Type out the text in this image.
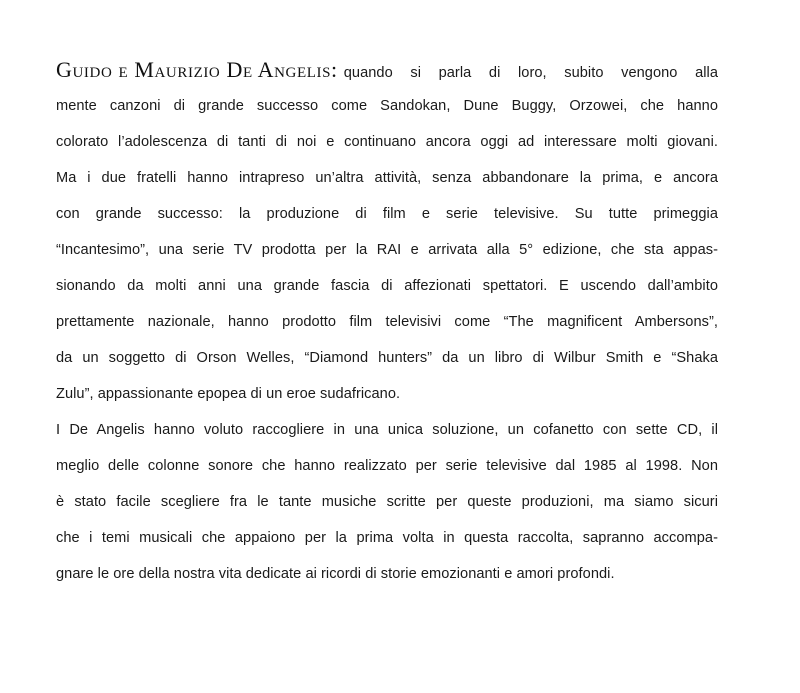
Guido e Maurizio De Angelis: quando si parla di loro, subito vengono alla
mente canzoni di grande successo come Sandokan, Dune Buggy, Orzowei, che hanno
colorato l’adolescenza di tanti di noi e continuano ancora oggi ad interessare molti giovani.
Ma i due fratelli hanno intrapreso un’altra attività, senza abbandonare la prima, e ancora
con grande successo: la produzione di film e serie televisive. Su tutte primeggia
“Incantesimo”, una serie TV prodotta per la RAI e arrivata alla 5° edizione, che sta appas-
sionando da molti anni una grande fascia di affezionati spettatori. E uscendo dall’ambito
prettamente nazionale, hanno prodotto film televisivi come “The magnificent Ambersons”,
da un soggetto di Orson Welles, “Diamond hunters” da un libro di Wilbur Smith e “Shaka
Zulu”, appassionante epopea di un eroe sudafricano.
I De Angelis hanno voluto raccogliere in una unica soluzione, un cofanetto con sette CD, il
meglio delle colonne sonore che hanno realizzato per serie televisive dal 1985 al 1998. Non
è stato facile scegliere fra le tante musiche scritte per queste produzioni, ma siamo sicuri
che i temi musicali che appaiono per la prima volta in questa raccolta, sapranno accompa-
gnare le ore della nostra vita dedicate ai ricordi di storie emozionanti e amori profondi.
